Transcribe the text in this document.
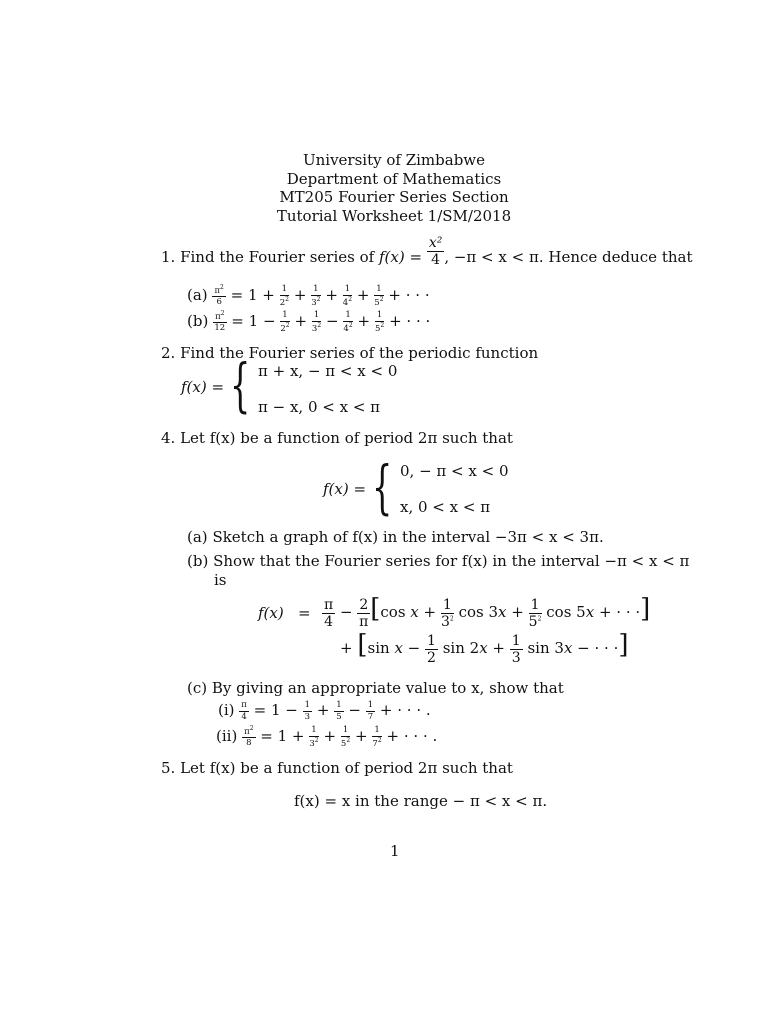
University of Zimbabwe
Department of Mathematics
MT205 Fourier Series Section
Tutorial Worksheet 1/SM/2018
1. Find the Fourier series of $f(x) = \frac{\text{x²}}{4}$ , −π < x < π. Hence deduce that
$(a) \frac{\pi^2}{6} = 1 + \frac{1}{2^2} + \frac{1}{3^2} + \frac{1}{4^2} + \frac{1}{5^2}$ + · · ·
$(b) \frac{\pi^2}{12} = 1 - \frac{1}{2^2} + \frac{1}{3^2} - \frac{1}{4^2} + \frac{1}{5^2}$ + · · ·
2. Find the Fourier series of the periodic function
f(x) = { π + x, − π < x < 0
π − x, 0 < x < π
4. Let f(x) be a function of period 2π such that
f(x) = { 0, − π < x < 0
x, 0 < x < π
(a) Sketch a graph of f(x) in the interval −3π < x < 3π.
(b) Show that the Fourier series for f(x) in the interval −π < x < π
is
$f(x) = \frac{\pi}{4} - \frac{2}{\pi} [\cos$ $x + \frac{1}{3^2}$ $\cos 3x + \frac{1}{5^2}$ cos 5x + · · ·]
+ [sin $x - \frac{1}{2}$ $\sin 2x + \frac{1}{3}$ sin 3x − · · ·]
(c) By giving an appropriate value to x, show that
$(i) \frac{\pi}{4} = 1 - \frac{1}{3} + \frac{1}{5} - \frac{1}{7}$ + · · · .
$(ii) \frac{\pi^2}{8} = 1 + \frac{1}{3^2} + \frac{1}{5^2} + \frac{1}{7^2}$ + · · · .
5. Let f(x) be a function of period 2π such that
f(x) = x in the range − π < x < π.
1
